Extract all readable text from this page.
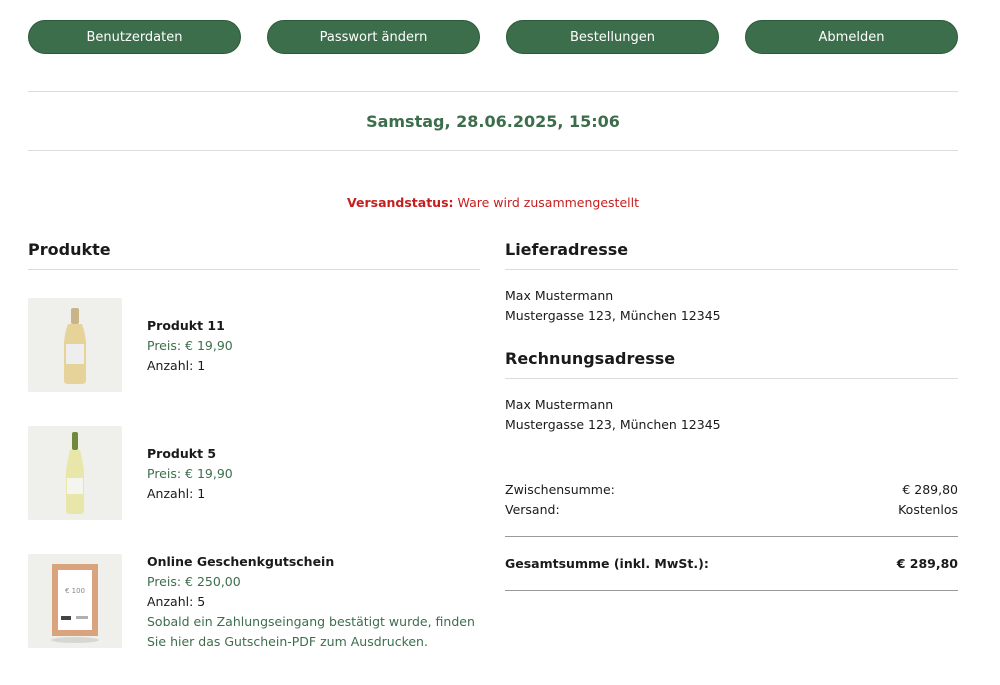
Benutzerdaten	Passwort ändern	Bestellungen	Abmelden
Samstag, 28.06.2025, 15:06
Versandstatus: Ware wird zusammengestellt
Produkte
Produkt 11
Preis: € 19,90
Anzahl: 1
Produkt 5
Preis: € 19,90
Anzahl: 1
€ 100
Online Geschenkgutschein
Preis: € 250,00
Anzahl: 5
Sobald ein Zahlungseingang bestätigt wurde, finden Sie hier das Gutschein-PDF zum Ausdrucken.
Lieferadresse
Max Mustermann
Mustergasse 123, München 12345
Rechnungsadresse
Max Mustermann
Mustergasse 123, München 12345
Zwischensumme:	€ 289,80
Versand:	Kostenlos
Gesamtsumme (inkl. MwSt.):	€ 289,80
